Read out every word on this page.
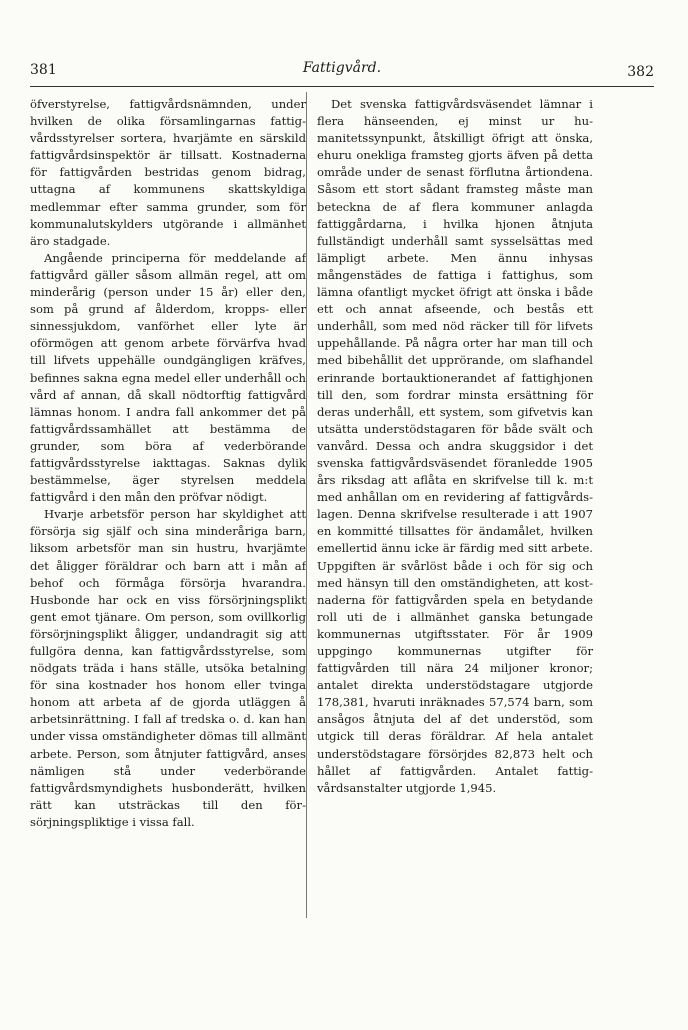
381	Fattigvård.	382

öfverstyrelse, fattigvårdsnämnden, under hvilken de olika församlingarnas fattigvårdsstyrelser sortera, hvarjämte en särskild fattigvårdsinspektör är tillsatt. Kostnaderna för fattigvården bestridas genom bidrag, uttagna af kommunens skattskyldiga medlemmar efter samma grunder, som för kommunalutskylders utgörande i allmänhet äro stadgade.

Angående principerna för meddelande af fattigvård gäller såsom allmän regel, att om minderårig (person under 15 år) eller den, som på grund af ålderdom, kropps- eller sinnessjukdom, vanförhet eller lyte är oförmögen att genom arbete förvärfva hvad till lifvets uppehälle oundgängligen kräfves, befinnes sakna egna medel eller underhåll och vård af annan, då skall nödtorftig fattigvård lämnas honom. I andra fall ankommer det på fattigvårdssamhället att bestämma de grunder, som böra af vederbörande fattigvårdsstyrelse iakttagas. Saknas dylik bestämmelse, äger styrelsen meddela fattigvård i den mån den pröfvar nödigt.

Hvarje arbetsför person har skyldighet att försörja sig själf och sina minderåriga barn, liksom arbetsför man sin hustru, hvarjämte det åligger föräldrar och barn att i mån af behof och förmåga försörja hvarandra. Husbonde har ock en viss försörjningsplikt gent emot tjänare. Om person, som ovillkorlig försörjningsplikt åligger, undandragit sig att fullgöra denna, kan fattigvårdsstyrelse, som nödgats träda i hans ställe, utsöka betalning för sina kostnader hos honom eller tvinga honom att arbeta af de gjorda utläggen å arbetsinrättning. I fall af tredska o. d. kan han under vissa omständigheter dömas till allmänt arbete. Person, som åtnjuter fattigvård, anses nämligen stå under vederbörande fattigvårdsmyndighets husbonderätt, hvilken rätt kan utsträckas till den försörjningspliktige i vissa fall.

Det svenska fattigvårdsväsendet lämnar i flera hänseenden, ej minst ur humanitetssynpunkt, åtskilligt öfrigt att önska, ehuru onekliga framsteg gjorts äfven på detta område under de senast förflutna årtiondena. Såsom ett stort sådant framsteg måste man beteckna de af flera kommuner anlagda fattiggårdarna, i hvilka hjonen åtnjuta fullständigt underhåll samt sysselsättas med lämpligt arbete. Men ännu inhysas mångenstädes de fattiga i fattighus, som lämna ofantligt mycket öfrigt att önska i både ett och annat afseende, och bestås ett underhåll, som med nöd räcker till för lifvets uppehållande. På några orter har man till och med bibehållit det upprörande, om slafhandel erinrande bortauktionerandet af fattighjonen till den, som fordrar minsta ersättning för deras underhåll, ett system, som gifvetvis kan utsätta understödstagaren för både svält och vanvård. Dessa och andra skuggsidor i det svenska fattigvårdsväsendet föranledde 1905 års riksdag att aflåta en skrifvelse till k. m:t med anhållan om en revidering af fattigvårdslagen. Denna skrifvelse resulterade i att 1907 en kommitté tillsattes för ändamålet, hvilken emellertid ännu icke är färdig med sitt arbete. Uppgiften är svårlöst både i och för sig och med hänsyn till den omständigheten, att kostnaderna för fattigvården spela en betydande roll uti de i allmänhet ganska betungade kommunernas utgiftsstater. För år 1909 uppgingo kommunernas utgifter för fattigvården till nära 24 miljoner kronor; antalet direkta understödstagare utgjorde 178,381, hvaruti inräknades 57,574 barn, som ansågos åtnjuta del af det understöd, som utgick till deras föräldrar. Af hela antalet understödstagare försörjdes 82,873 helt och hållet af fattigvården. Antalet fattigvårdsanstalter utgjorde 1,945.
